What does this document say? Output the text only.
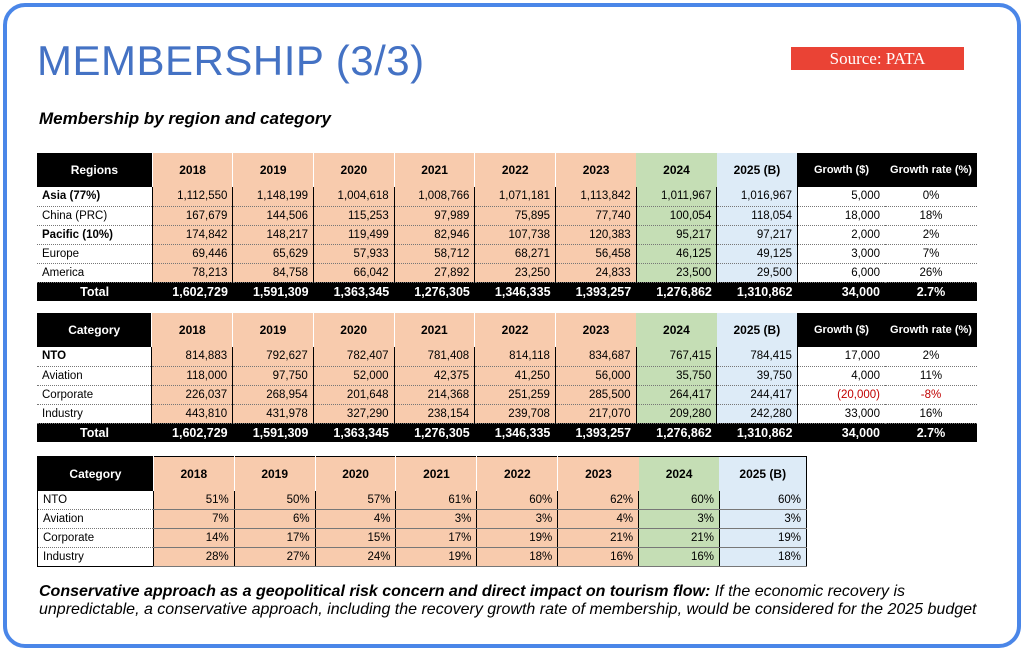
MEMBERSHIP (3/3)	Source: PATA
Membership by region and category
Regions	2018	2019	2020	2021	2022	2023	2024	2025 (B)	Growth ($)	Growth rate (%)
Asia (77%)	1,112,550	1,148,199	1,004,618	1,008,766	1,071,181	1,113,842	1,011,967	1,016,967	5,000	0%
China (PRC)	167,679	144,506	115,253	97,989	75,895	77,740	100,054	118,054	18,000	18%
Pacific (10%)	174,842	148,217	119,499	82,946	107,738	120,383	95,217	97,217	2,000	2%
Europe	69,446	65,629	57,933	58,712	68,271	56,458	46,125	49,125	3,000	7%
America	78,213	84,758	66,042	27,892	23,250	24,833	23,500	29,500	6,000	26%
Total	1,602,729	1,591,309	1,363,345	1,276,305	1,346,335	1,393,257	1,276,862	1,310,862	34,000	2.7%
Category	2018	2019	2020	2021	2022	2023	2024	2025 (B)	Growth ($)	Growth rate (%)
NTO	814,883	792,627	782,407	781,408	814,118	834,687	767,415	784,415	17,000	2%
Aviation	118,000	97,750	52,000	42,375	41,250	56,000	35,750	39,750	4,000	11%
Corporate	226,037	268,954	201,648	214,368	251,259	285,500	264,417	244,417	(20,000)	-8%
Industry	443,810	431,978	327,290	238,154	239,708	217,070	209,280	242,280	33,000	16%
Total	1,602,729	1,591,309	1,363,345	1,276,305	1,346,335	1,393,257	1,276,862	1,310,862	34,000	2.7%
Category	2018	2019	2020	2021	2022	2023	2024	2025 (B)
NTO	51%	50%	57%	61%	60%	62%	60%	60%
Aviation	7%	6%	4%	3%	3%	4%	3%	3%
Corporate	14%	17%	15%	17%	19%	21%	21%	19%
Industry	28%	27%	24%	19%	18%	16%	16%	18%
Conservative approach as a geopolitical risk concern and direct impact on tourism flow: If the economic recovery is unpredictable, a conservative approach, including the recovery growth rate of membership, would be considered for the 2025 budget
